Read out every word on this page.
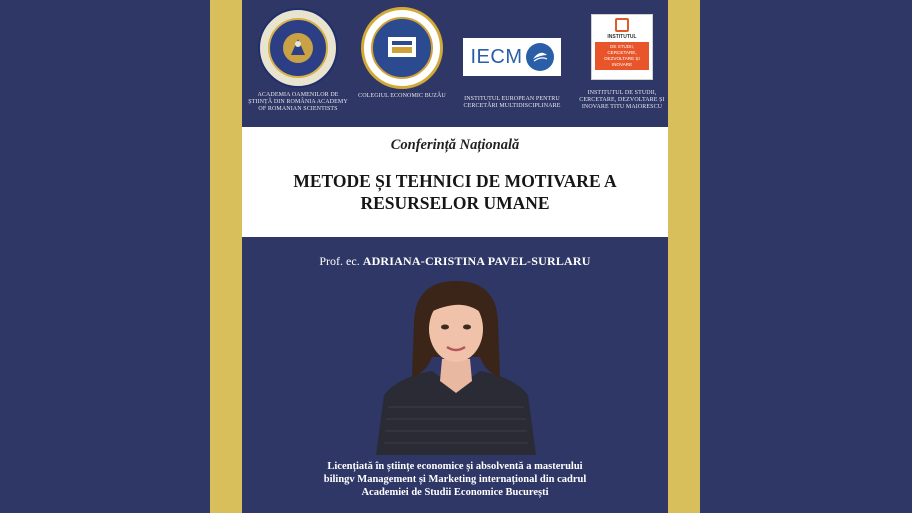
ACADEMIA OAMENILOR DE ȘTIINȚĂ DIN ROMÂNIA ACADEMY OF ROMANIAN SCIENTISTS
COLEGIUL ECONOMIC BUZĂU
IECM
INSTITUTUL EUROPEAN PENTRU CERCETĂRI MULTIDISCIPLINARE
INSTITUTUL
DE STUDII, CERCETARE, DEZVOLTARE ȘI INOVARE
INSTITUTUL DE STUDII, CERCETARE, DEZVOLTARE ȘI INOVARE TITU MAIORESCU
Conferință Națională
METODE ȘI TEHNICI DE MOTIVARE A RESURSELOR UMANE
Prof. ec. ADRIANA-CRISTINA PAVEL-SURLARU
Licențiată în științe economice și absolventă a masterului
bilingv Management și Marketing internațional din cadrul
Academiei de Studii Economice București
